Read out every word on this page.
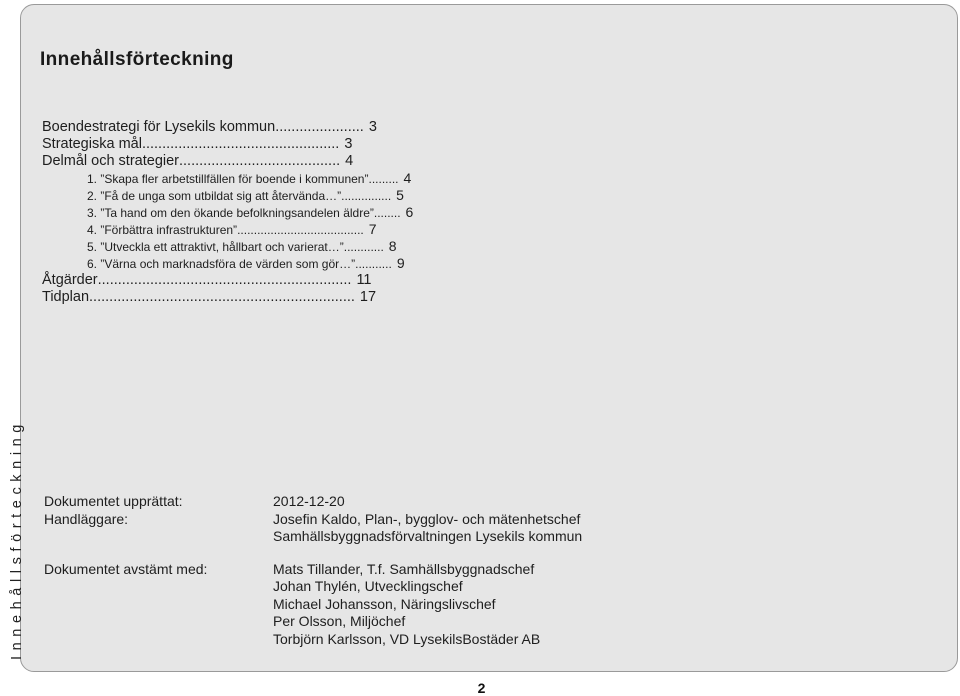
Innehållsförteckning
Innehållsförteckning
Boendestrategi för Lysekils kommun ...................... 3
Strategiska mål ................................................. 3
Delmål och strategier ........................................ 4
1. ”Skapa fler arbetstillfällen för boende i kommunen” ......... 4
2. ”Få de unga som utbildat sig att återvända…” ............... 5
3. ”Ta hand om den ökande befolkningsandelen äldre” ........ 6
4. ”Förbättra infrastrukturen” ...................................... 7
5. ”Utveckla ett attraktivt, hållbart och varierat…” ............ 8
6. ”Värna och marknadsföra de värden som gör…” ........... 9
Åtgärder ............................................................... 11
Tidplan .................................................................. 17
Dokumentet upprättat:	2012-12-20
Handläggare:	Josefin Kaldo, Plan-, bygglov- och mätenhetschef
Samhällsbyggnadsförvaltningen Lysekils kommun
Dokumentet avstämt med:	Mats Tillander, T.f. Samhällsbyggnadschef
Johan Thylén, Utvecklingschef
Michael Johansson, Näringslivschef
Per Olsson, Miljöchef
Torbjörn Karlsson, VD LysekilsBostäder AB
2
